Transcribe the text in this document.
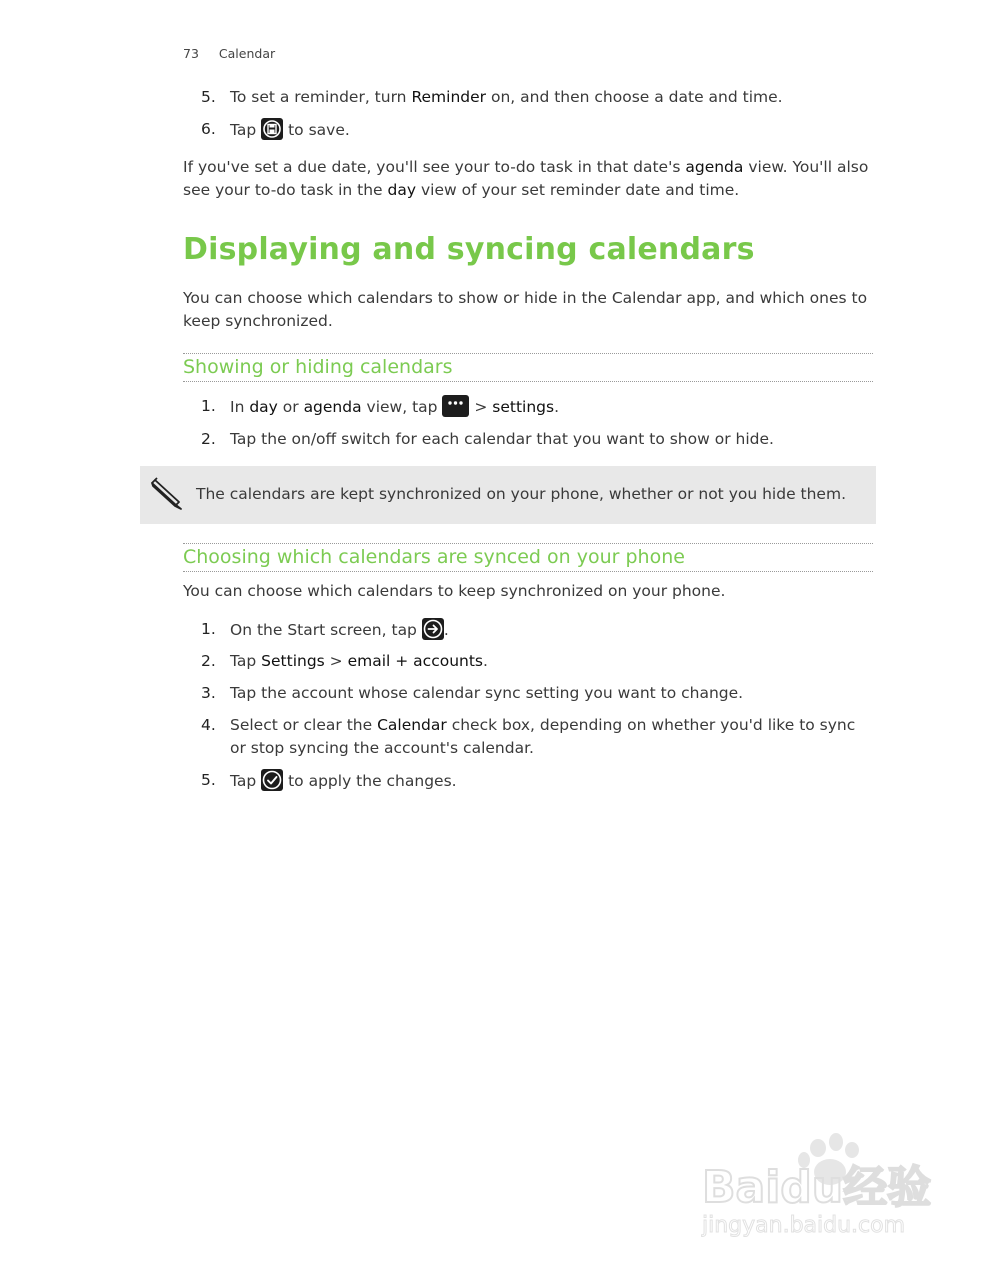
73 Calendar
5. To set a reminder, turn Reminder on, and then choose a date and time.
6. Tap
to save.
If you've set a due date, you'll see your to-do task in that date's agenda view. You'll also see your to-do task in the day view of your set reminder date and time.
Displaying and syncing calendars
You can choose which calendars to show or hide in the Calendar app, and which ones to keep synchronized.
Showing or hiding calendars
1. In day or agenda view, tap
> settings.
2. Tap the on/off switch for each calendar that you want to show or hide.
The calendars are kept synchronized on your phone, whether or not you hide them.
Choosing which calendars are synced on your phone
You can choose which calendars to keep synchronized on your phone.
1. On the Start screen, tap
.
2. Tap Settings > email + accounts.
3. Tap the account whose calendar sync setting you want to change.
4. Select or clear the Calendar check box, depending on whether you'd like to sync or stop syncing the account's calendar.
5. Tap
to apply the changes.
Baidu经验
jingyan.baidu.com
